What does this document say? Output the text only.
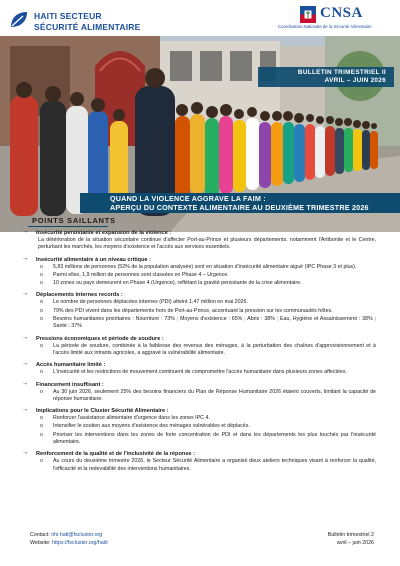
HAITI SECTEUR
SÉCURITÉ ALIMENTAIRE
CNSA
Coordination Nationale de la Sécurité Alimentaire
BULLETIN TRIMESTRIEL II
AVRIL – JUIN 2026
QUAND LA VIOLENCE AGGRAVE LA FAIM :
APERÇU DU CONTEXTE ALIMENTAIRE AU DEUXIÈME TRIMESTRE 2026
POINTS SAILLANTS
→ Insécurité persistante et expansion de la violence :
La détérioration de la situation sécuritaire continue d'affecter Port-au-Prince et plusieurs départements, notamment l'Artibonite et le Centre, perturbant les marchés, les moyens d'existence et l'accès aux services essentiels.
→ Insécurité alimentaire à un niveau critique :
o 5,83 millions de personnes (52% de la population analysée) sont en situation d'insécurité alimentaire aiguë (IPC Phase 3 et plus).
o Parmi elles, 1,9 million de personnes sont classées en Phase 4 – Urgence.
o 10 zones ou pays demeurent en Phase 4 (Urgence), reflétant la gravité persistante de la crise alimentaire.
→ Déplacements internes records :
o Le nombre de personnes déplacées internes (PDI) atteint 1,47 million en mai 2026.
o 79% des PDI vivent dans les départements hors de Port-au-Prince, accentuant la pression sur les communautés hôtes.
o Besoins humanitaires prioritaires : Nourriture : 73% ; Moyens d'existence : 65% ; Abris : 38% ; Eau, Hygiène et Assainissement : 38% ; Santé : 37%
→ Pressions économiques et période de soudure :
o La période de soudure, combinée à la faiblesse des revenus des ménages, à la perturbation des chaînes d'approvisionnement et à l'accès limité aux intrants agricoles, a aggravé la vulnérabilité alimentaire.
→ Accès humanitaire limité :
o L'insécurité et les restrictions de mouvement continuent de compromettre l'accès humanitaire dans plusieurs zones affectées.
→ Financement insuffisant :
o Au 30 juin 2026, seulement 25% des besoins financiers du Plan de Réponse Humanitaire 2026 étaient couverts, limitant la capacité de réponse humanitaire.
→ Implications pour le Cluster Sécurité Alimentaire :
o Renforcer l'assistance alimentaire d'urgence dans les zones IPC 4.
o Intensifier le soutien aux moyens d'existence des ménages vulnérables et déplacés.
o Prioriser les interventions dans les zones de forte concentration de PDI et dans les départements les plus touchés par l'insécurité alimentaire.
→ Renforcement de la qualité et de l'inclusivité de la réponse :
o Au cours du deuxième trimestre 2026, le Secteur Sécurité Alimentaire a organisé deux ateliers techniques visant à renforcer la qualité, l'efficacité et la redevabilité des interventions humanitaires.
Contact: nhi.hati@fscluster.org
Website: https://fscluster.org/haiti
Bulletin trimestriel 2
avril – juin 2026
